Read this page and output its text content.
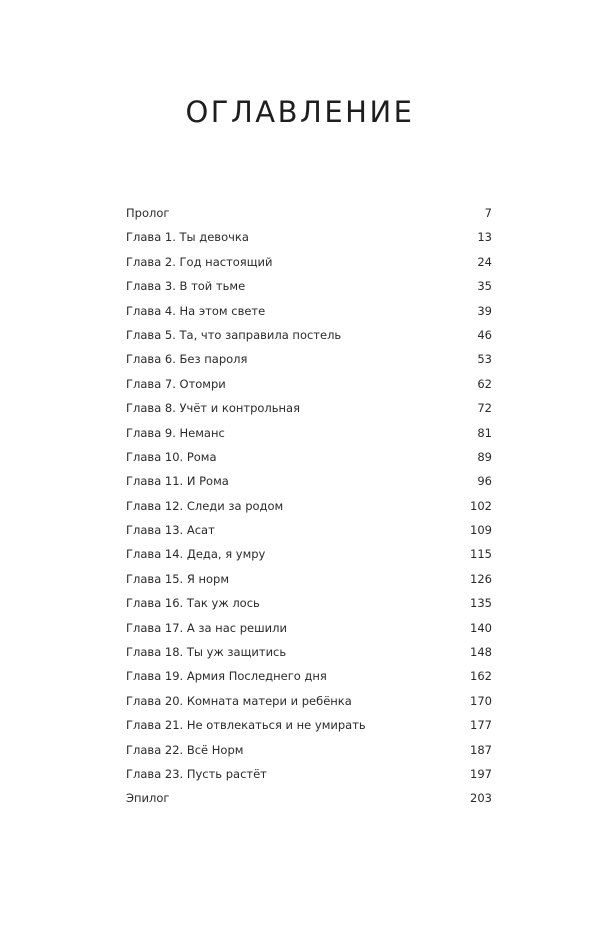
ОГЛАВЛЕНИЕ
Пролог	7
Глава 1. Ты девочка	13
Глава 2. Год настоящий	24
Глава 3. В той тьме	35
Глава 4. На этом свете	39
Глава 5. Та, что заправила постель	46
Глава 6. Без пароля	53
Глава 7. Отомри	62
Глава 8. Учёт и контрольная	72
Глава 9. Неманс	81
Глава 10. Рома	89
Глава 11. И Рома	96
Глава 12. Следи за родом	102
Глава 13. Асат	109
Глава 14. Деда, я умру	115
Глава 15. Я норм	126
Глава 16. Так уж лось	135
Глава 17. А за нас решили	140
Глава 18. Ты уж защитись	148
Глава 19. Армия Последнего дня	162
Глава 20. Комната матери и ребёнка	170
Глава 21. Не отвлекаться и не умирать	177
Глава 22. Всё Норм	187
Глава 23. Пусть растёт	197
Эпилог	203
